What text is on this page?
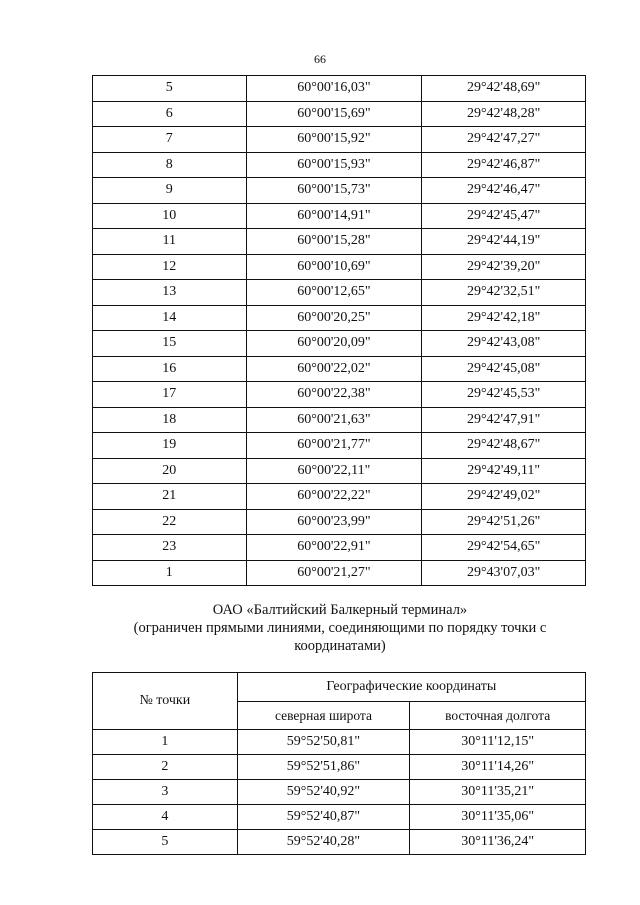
66
5	60°00'16,03"	29°42'48,69"
6	60°00'15,69"	29°42'48,28"
7	60°00'15,92"	29°42'47,27"
8	60°00'15,93"	29°42'46,87"
9	60°00'15,73"	29°42'46,47"
10	60°00'14,91"	29°42'45,47"
11	60°00'15,28"	29°42'44,19"
12	60°00'10,69"	29°42'39,20"
13	60°00'12,65"	29°42'32,51"
14	60°00'20,25"	29°42'42,18"
15	60°00'20,09"	29°42'43,08"
16	60°00'22,02"	29°42'45,08"
17	60°00'22,38"	29°42'45,53"
18	60°00'21,63"	29°42'47,91"
19	60°00'21,77"	29°42'48,67"
20	60°00'22,11"	29°42'49,11"
21	60°00'22,22"	29°42'49,02"
22	60°00'23,99"	29°42'51,26"
23	60°00'22,91"	29°42'54,65"
1	60°00'21,27"	29°43'07,03"
ОАО «Балтийский Балкерный терминал»
(ограничен прямыми линиями, соединяющими по порядку точки с
координатами)
№ точки	Географические координаты	
	северная широта	восточная долгота
1	59°52'50,81"	30°11'12,15"
2	59°52'51,86"	30°11'14,26"
3	59°52'40,92"	30°11'35,21"
4	59°52'40,87"	30°11'35,06"
5	59°52'40,28"	30°11'36,24"
